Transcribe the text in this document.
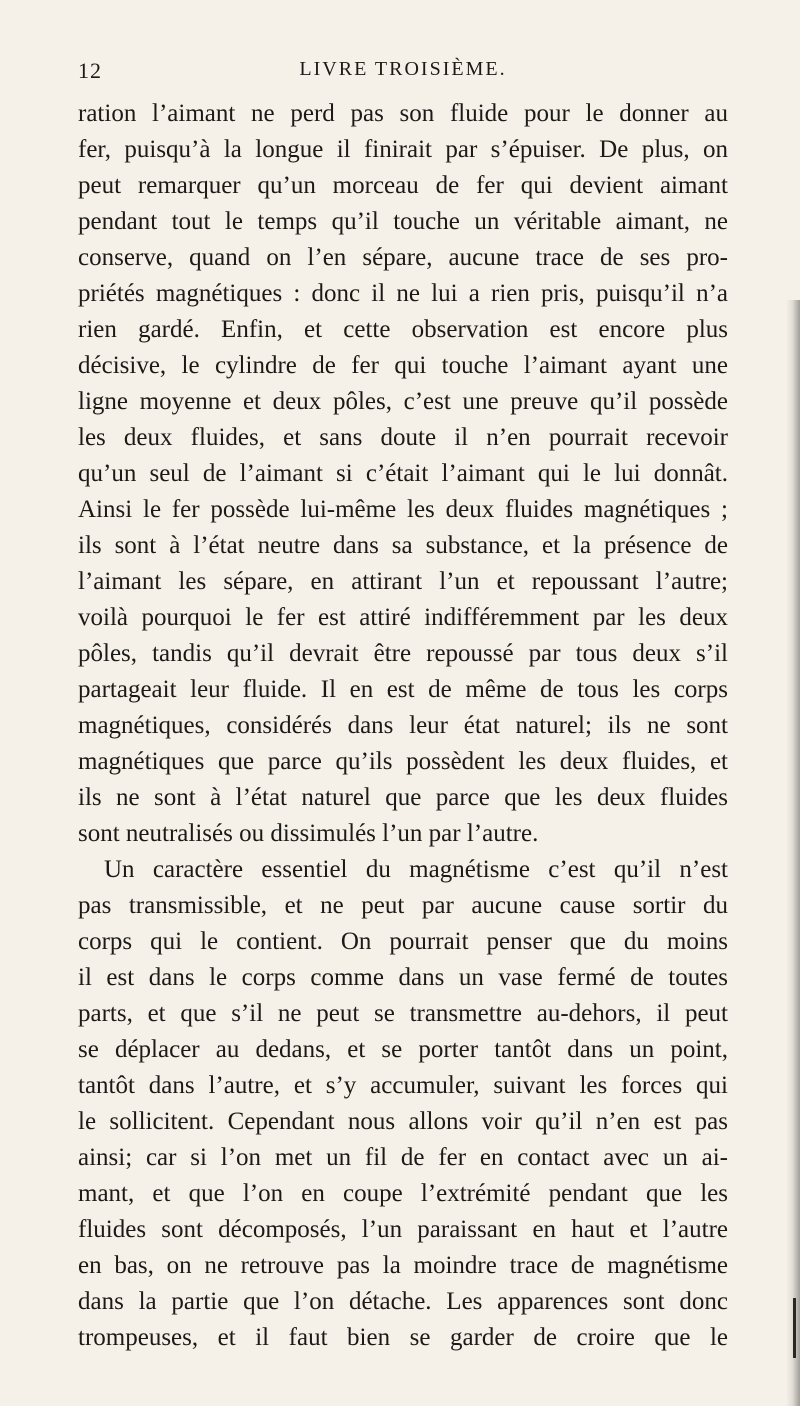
12	LIVRE TROISIÈME.
ration l’aimant ne perd pas son fluide pour le donner au
fer, puisqu’à la longue il finirait par s’épuiser. De plus, on
peut remarquer qu’un morceau de fer qui devient aimant
pendant tout le temps qu’il touche un véritable aimant, ne
conserve, quand on l’en sépare, aucune trace de ses pro-
priétés magnétiques : donc il ne lui a rien pris, puisqu’il n’a
rien gardé. Enfin, et cette observation est encore plus
décisive, le cylindre de fer qui touche l’aimant ayant une
ligne moyenne et deux pôles, c’est une preuve qu’il possède
les deux fluides, et sans doute il n’en pourrait recevoir
qu’un seul de l’aimant si c’était l’aimant qui le lui donnât.
Ainsi le fer possède lui-même les deux fluides magnétiques ;
ils sont à l’état neutre dans sa substance, et la présence de
l’aimant les sépare, en attirant l’un et repoussant l’autre;
voilà pourquoi le fer est attiré indifféremment par les deux
pôles, tandis qu’il devrait être repoussé par tous deux s’il
partageait leur fluide. Il en est de même de tous les corps
magnétiques, considérés dans leur état naturel; ils ne sont
magnétiques que parce qu’ils possèdent les deux fluides, et
ils ne sont à l’état naturel que parce que les deux fluides
sont neutralisés ou dissimulés l’un par l’autre.
Un caractère essentiel du magnétisme c’est qu’il n’est
pas transmissible, et ne peut par aucune cause sortir du
corps qui le contient. On pourrait penser que du moins
il est dans le corps comme dans un vase fermé de toutes
parts, et que s’il ne peut se transmettre au-dehors, il peut
se déplacer au dedans, et se porter tantôt dans un point,
tantôt dans l’autre, et s’y accumuler, suivant les forces qui
le sollicitent. Cependant nous allons voir qu’il n’en est pas
ainsi; car si l’on met un fil de fer en contact avec un ai-
mant, et que l’on en coupe l’extrémité pendant que les
fluides sont décomposés, l’un paraissant en haut et l’autre
en bas, on ne retrouve pas la moindre trace de magnétisme
dans la partie que l’on détache. Les apparences sont donc
trompeuses, et il faut bien se garder de croire que le
